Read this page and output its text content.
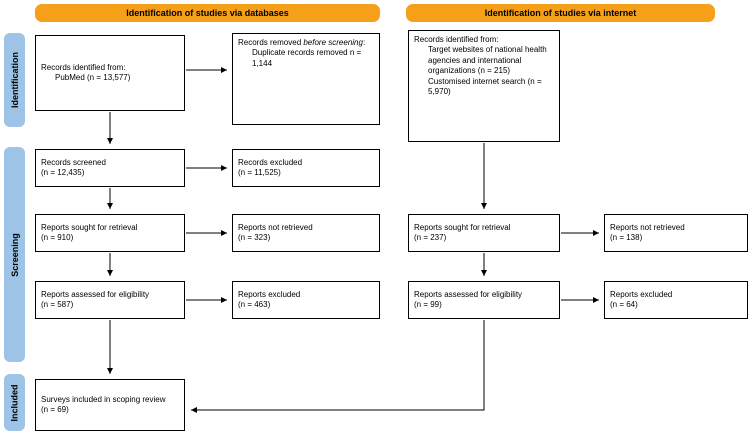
Identification of studies via databases	Identification of studies via internet
Identification
Screening
Included
Records identified from:
PubMed (n = 13,577)
Records removed before screening:
Duplicate records removed n = 1,144
Records screened
(n = 12,435)
Records excluded
(n = 11,525)
Reports sought for retrieval
(n = 910)
Reports not retrieved
(n = 323)
Reports assessed for eligibility
(n = 587)
Reports excluded
(n = 463)
Records identified from:
Target websites of national health agencies and international organizations (n = 215)
Customised internet search (n = 5,970)
Reports sought for retrieval
(n = 237)
Reports not retrieved
(n = 138)
Reports assessed for eligibility
(n = 99)
Reports excluded
(n = 64)
Surveys included in scoping review
(n = 69)
